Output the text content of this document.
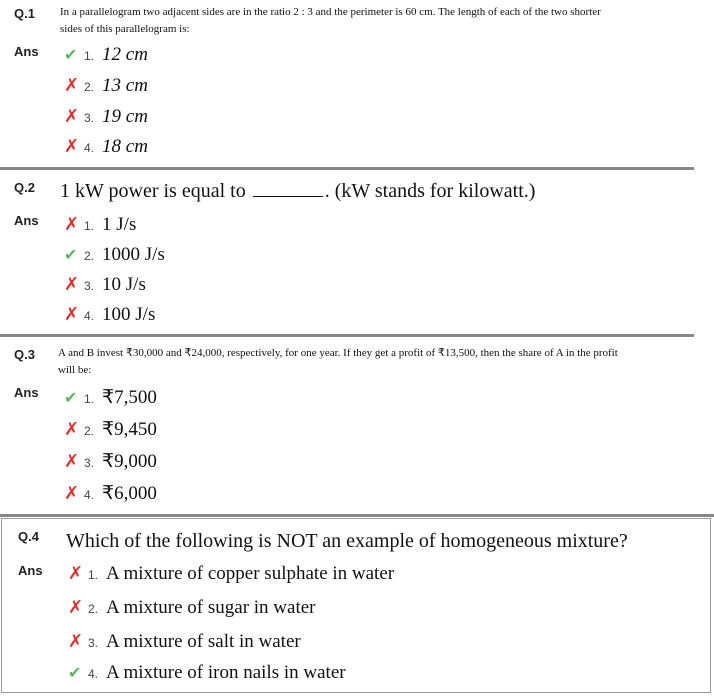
Q.1 In a parallelogram two adjacent sides are in the ratio 2 : 3 and the perimeter is 60 cm. The length of each of the two shorter sides of this parallelogram is:
Ans ✔ 1. 12 cm
✗ 2. 13 cm
✗ 3. 19 cm
✗ 4. 18 cm
Q.2 1 kW power is equal to	. (kW stands for kilowatt.)
Ans ✗ 1. 1 J/s
✔ 2. 1000 J/s
✗ 3. 10 J/s
✗ 4. 100 J/s
Q.3 A and B invest ₹30,000 and ₹24,000, respectively, for one year. If they get a profit of ₹13,500, then the share of A in the profit will be:
Ans ✔ 1. ₹7,500
✗ 2. ₹9,450
✗ 3. ₹9,000
✗ 4. ₹6,000
Q.4 Which of the following is NOT an example of homogeneous mixture?
Ans ✗ 1. A mixture of copper sulphate in water
✗ 2. A mixture of sugar in water
✗ 3. A mixture of salt in water
✔ 4. A mixture of iron nails in water
